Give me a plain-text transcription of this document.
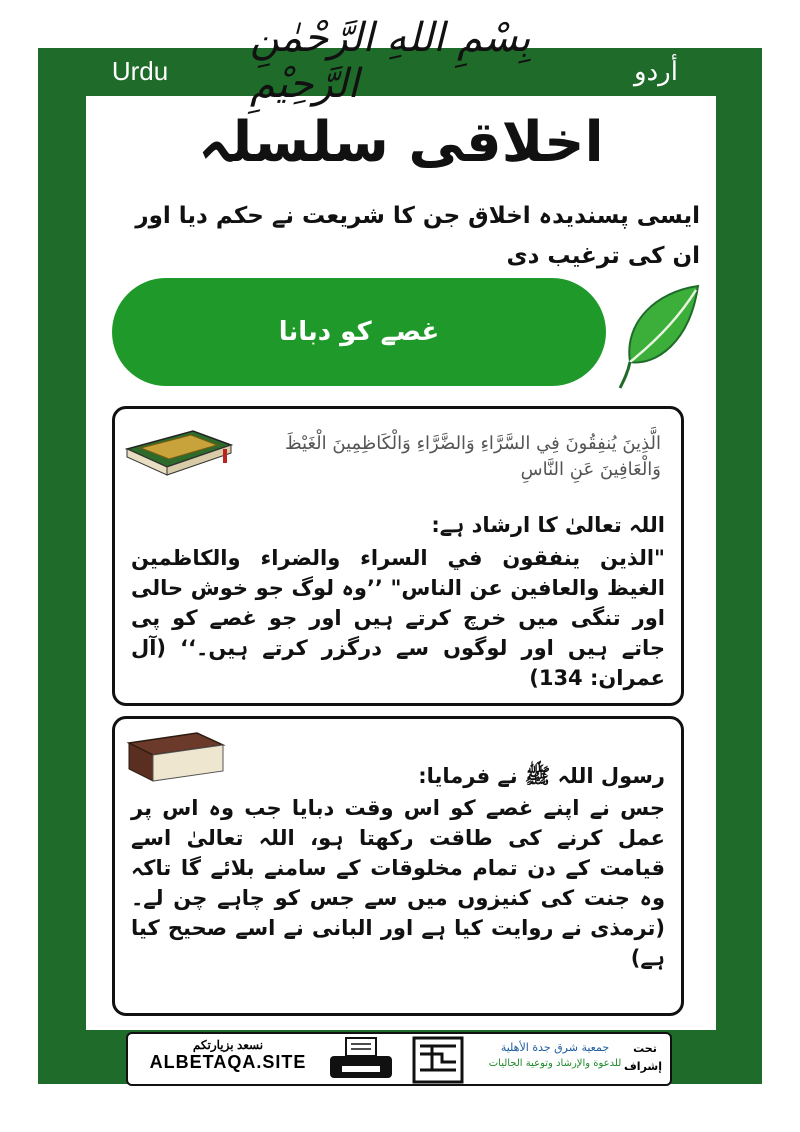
Urdu	أردو
بِسْمِ اللهِ الرَّحْمٰنِ الرَّحِيْمِ
اخلاقی سلسلہ
ایسی پسندیدہ اخلاق جن کا شریعت نے حکم دیا اور ان کی ترغیب دی
غصے کو دبانا
الَّذِينَ يُنفِقُونَ فِي السَّرَّاءِ وَالضَّرَّاءِ وَالْكَاظِمِينَ الْغَيْظَ وَالْعَافِينَ عَنِ النَّاسِ
اللہ تعالیٰ کا ارشاد ہے:
"الذين ينفقون في السراء والضراء والكاظمين الغيظ والعافين عن الناس" ’’وہ لوگ جو خوش حالی اور تنگی میں خرچ کرتے ہیں اور جو غصے کو پی جاتے ہیں اور لوگوں سے درگزر کرتے ہیں۔‘‘ (آل عمران: 134)
رسول اللہ ﷺ نے فرمایا:
جس نے اپنے غصے کو اس وقت دبایا جب وہ اس پر عمل کرنے کی طاقت رکھتا ہو، اللہ تعالیٰ اسے قیامت کے دن تمام مخلوقات کے سامنے بلائے گا تاکہ وہ جنت کی کنیزوں میں سے جس کو چاہے چن لے۔ (ترمذی نے روایت کیا ہے اور البانی نے اسے صحیح کیا ہے)
نسعد بزيارتكم
ALBETAQA.SITE
جمعية شرق جدة الأهلية
للدعوة والإرشاد وتوعية الجاليات
تحت إشراف
